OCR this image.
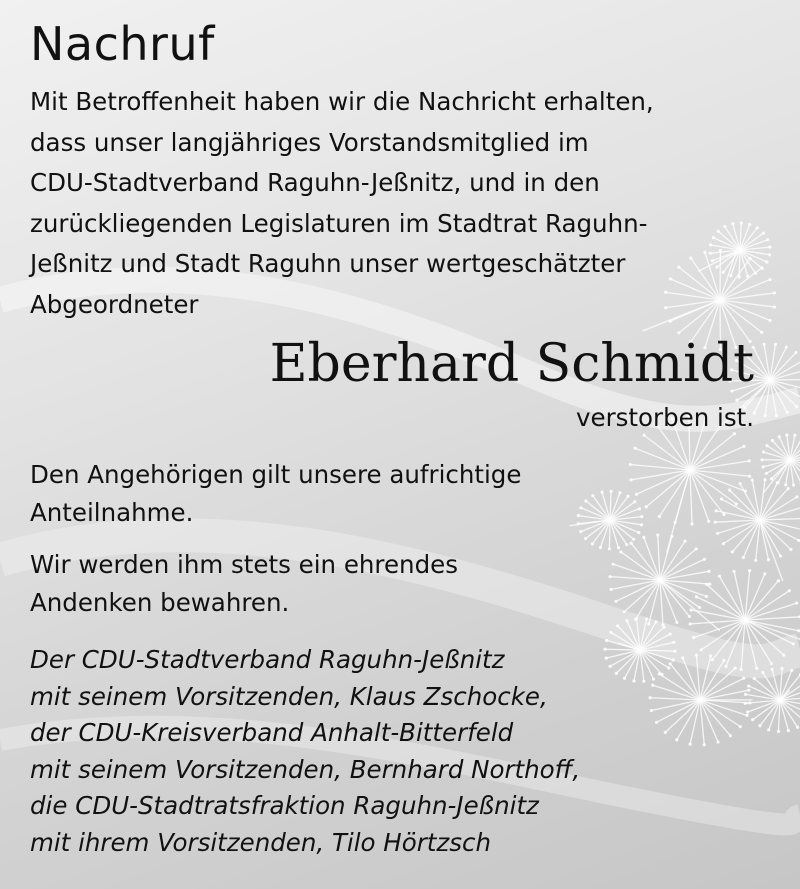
Nachruf
Mit Betroffenheit haben wir die Nachricht erhalten,
dass unser langjähriges Vorstandsmitglied im
CDU-Stadtverband Raguhn-Jeßnitz, und in den
zurückliegenden Legislaturen im Stadtrat Raguhn-
Jeßnitz und Stadt Raguhn unser wertgeschätzter
Abgeordneter
Eberhard Schmidt
verstorben ist.
Den Angehörigen gilt unsere aufrichtige
Anteilnahme.
Wir werden ihm stets ein ehrendes
Andenken bewahren.
Der CDU-Stadtverband Raguhn-Jeßnitz
mit seinem Vorsitzenden, Klaus Zschocke,
der CDU-Kreisverband Anhalt-Bitterfeld
mit seinem Vorsitzenden, Bernhard Northoff,
die CDU-Stadtratsfraktion Raguhn-Jeßnitz
mit ihrem Vorsitzenden, Tilo Hörtzsch
